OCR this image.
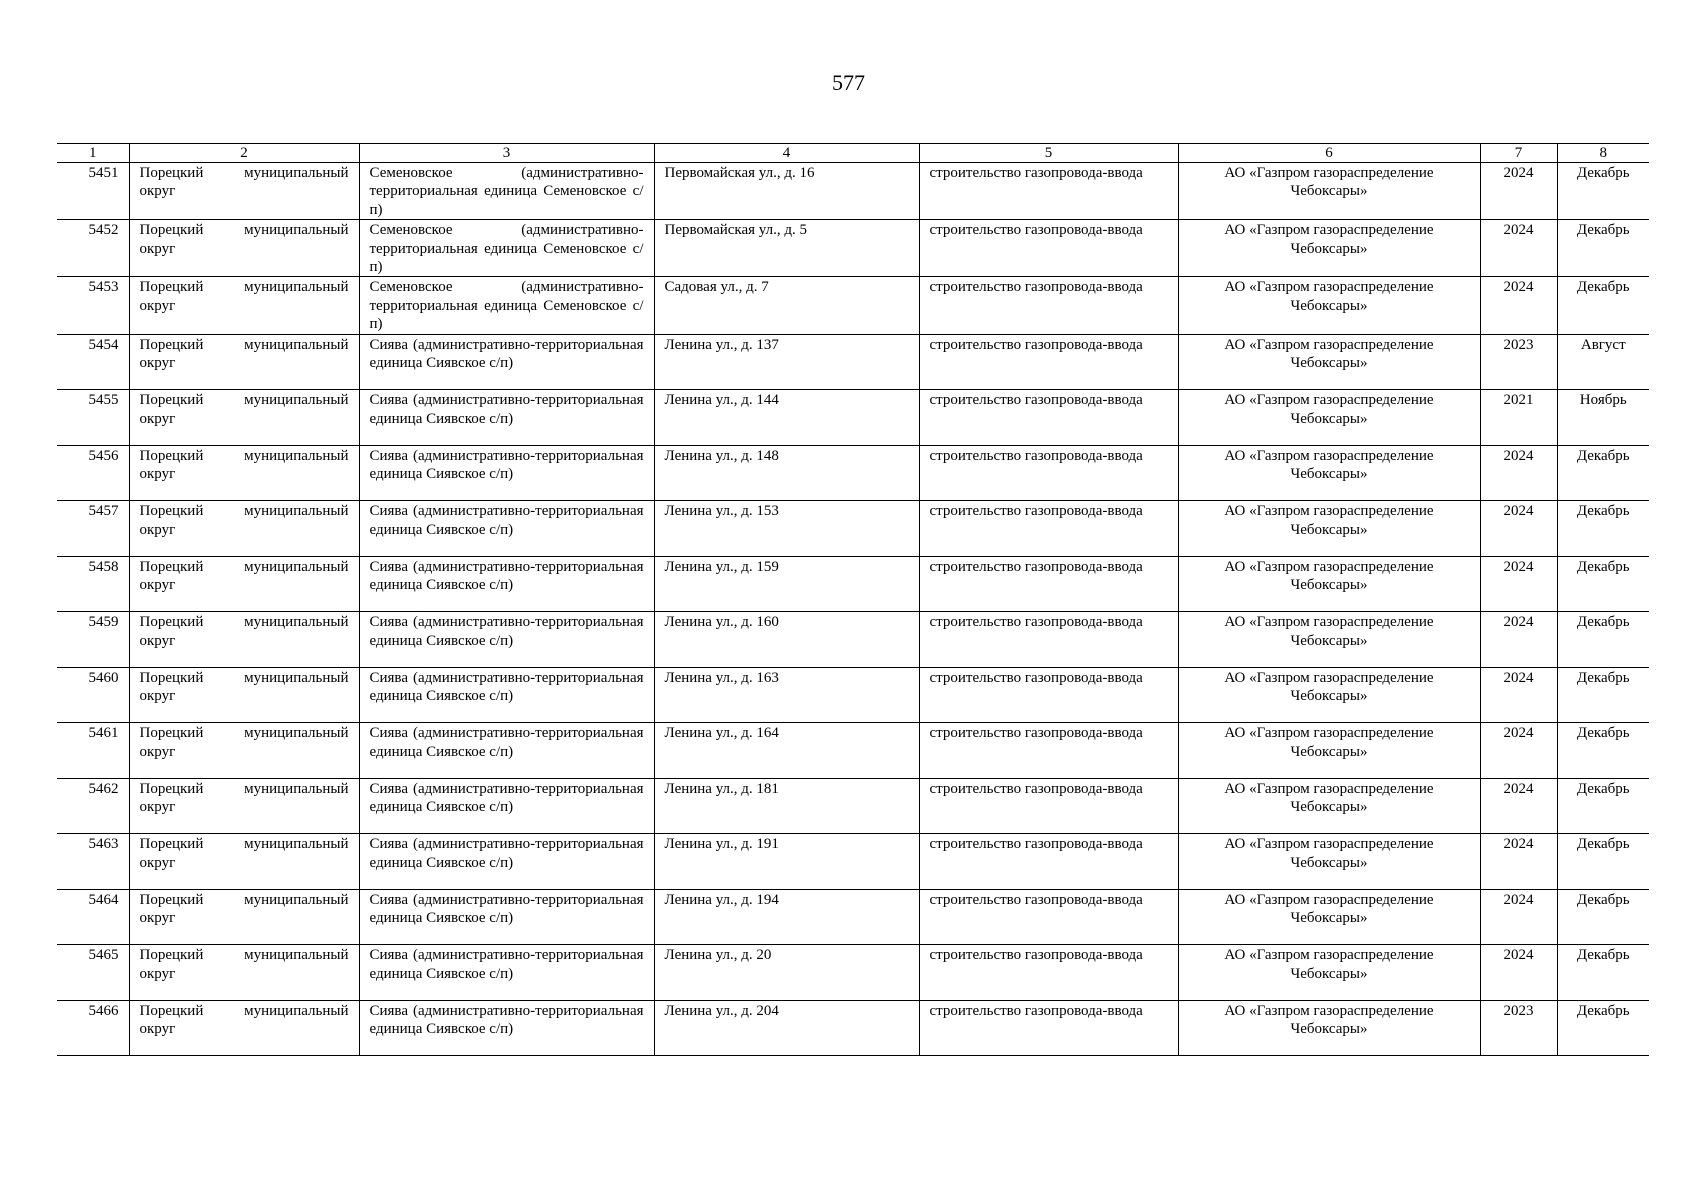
577
1	2	3	4	5	6	7	8
5451	Порецкий муниципальный округ	Семеновское (административно-территориальная единица Семеновское с/п)	Первомайская ул., д. 16	строительство газопровода-ввода	АО «Газпром газораспределение Чебоксары»	2024	Декабрь
5452	Порецкий муниципальный округ	Семеновское (административно-территориальная единица Семеновское с/п)	Первомайская ул., д. 5	строительство газопровода-ввода	АО «Газпром газораспределение Чебоксары»	2024	Декабрь
5453	Порецкий муниципальный округ	Семеновское (административно-территориальная единица Семеновское с/п)	Садовая ул., д. 7	строительство газопровода-ввода	АО «Газпром газораспределение Чебоксары»	2024	Декабрь
5454	Порецкий муниципальный округ	Сиява (административно-территориальная единица Сиявское с/п)	Ленина ул., д. 137	строительство газопровода-ввода	АО «Газпром газораспределение Чебоксары»	2023	Август
5455	Порецкий муниципальный округ	Сиява (административно-территориальная единица Сиявское с/п)	Ленина ул., д. 144	строительство газопровода-ввода	АО «Газпром газораспределение Чебоксары»	2021	Ноябрь
5456	Порецкий муниципальный округ	Сиява (административно-территориальная единица Сиявское с/п)	Ленина ул., д. 148	строительство газопровода-ввода	АО «Газпром газораспределение Чебоксары»	2024	Декабрь
5457	Порецкий муниципальный округ	Сиява (административно-территориальная единица Сиявское с/п)	Ленина ул., д. 153	строительство газопровода-ввода	АО «Газпром газораспределение Чебоксары»	2024	Декабрь
5458	Порецкий муниципальный округ	Сиява (административно-территориальная единица Сиявское с/п)	Ленина ул., д. 159	строительство газопровода-ввода	АО «Газпром газораспределение Чебоксары»	2024	Декабрь
5459	Порецкий муниципальный округ	Сиява (административно-территориальная единица Сиявское с/п)	Ленина ул., д. 160	строительство газопровода-ввода	АО «Газпром газораспределение Чебоксары»	2024	Декабрь
5460	Порецкий муниципальный округ	Сиява (административно-территориальная единица Сиявское с/п)	Ленина ул., д. 163	строительство газопровода-ввода	АО «Газпром газораспределение Чебоксары»	2024	Декабрь
5461	Порецкий муниципальный округ	Сиява (административно-территориальная единица Сиявское с/п)	Ленина ул., д. 164	строительство газопровода-ввода	АО «Газпром газораспределение Чебоксары»	2024	Декабрь
5462	Порецкий муниципальный округ	Сиява (административно-территориальная единица Сиявское с/п)	Ленина ул., д. 181	строительство газопровода-ввода	АО «Газпром газораспределение Чебоксары»	2024	Декабрь
5463	Порецкий муниципальный округ	Сиява (административно-территориальная единица Сиявское с/п)	Ленина ул., д. 191	строительство газопровода-ввода	АО «Газпром газораспределение Чебоксары»	2024	Декабрь
5464	Порецкий муниципальный округ	Сиява (административно-территориальная единица Сиявское с/п)	Ленина ул., д. 194	строительство газопровода-ввода	АО «Газпром газораспределение Чебоксары»	2024	Декабрь
5465	Порецкий муниципальный округ	Сиява (административно-территориальная единица Сиявское с/п)	Ленина ул., д. 20	строительство газопровода-ввода	АО «Газпром газораспределение Чебоксары»	2024	Декабрь
5466	Порецкий муниципальный округ	Сиява (административно-территориальная единица Сиявское с/п)	Ленина ул., д. 204	строительство газопровода-ввода	АО «Газпром газораспределение Чебоксары»	2023	Декабрь
